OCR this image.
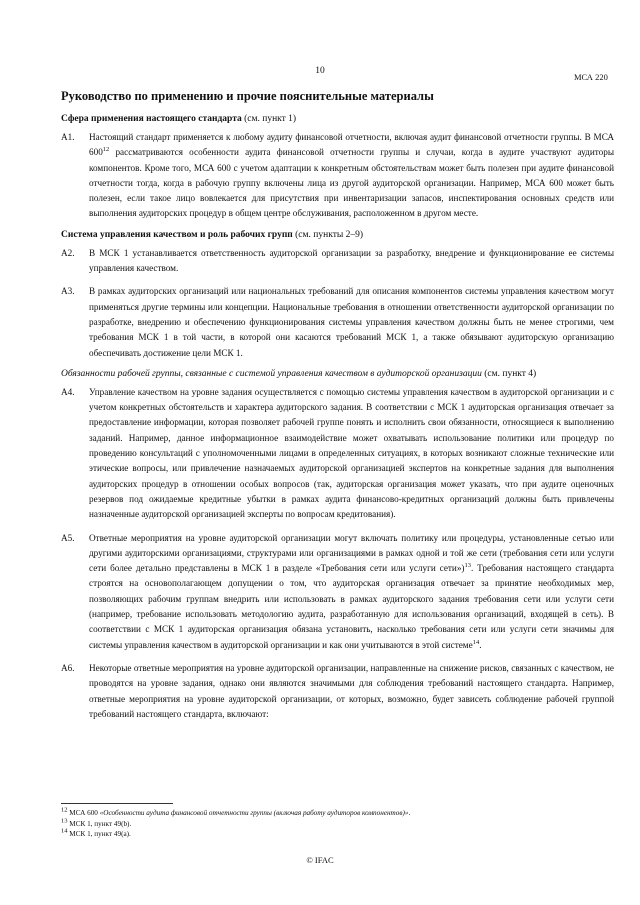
10
МСА 220
Руководство по применению и прочие пояснительные материалы
Сфера применения настоящего стандарта (см. пункт 1)
A1.	Настоящий стандарт применяется к любому аудиту финансовой отчетности, включая аудит финансовой отчетности группы. В МСА $600^{12}$ рассматриваются особенности аудита финансовой отчетности группы и случаи, когда в аудите участвуют аудиторы компонентов. Кроме того, МСА 600 с учетом адаптации к конкретным обстоятельствам может быть полезен при аудите финансовой отчетности тогда, когда в рабочую группу включены лица из другой аудиторской организации. Например, МСА 600 может быть полезен, если такое лицо вовлекается для присутствия при инвентаризации запасов, инспектирования основных средств или выполнения аудиторских процедур в общем центре обслуживания, расположенном в другом месте.
Система управления качеством и роль рабочих групп (см. пункты 2–9)
A2.	В МСК 1 устанавливается ответственность аудиторской организации за разработку, внедрение и функционирование ее системы управления качеством.
A3.	В рамках аудиторских организаций или национальных требований для описания компонентов системы управления качеством могут применяться другие термины или концепции. Национальные требования в отношении ответственности аудиторской организации по разработке, внедрению и обеспечению функционирования системы управления качеством должны быть не менее строгими, чем требования МСК 1 в той части, в которой они касаются требований МСК 1, а также обязывают аудиторскую организацию обеспечивать достижение цели МСК 1.
Обязанности рабочей группы, связанные с системой управления качеством в аудиторской организации (см. пункт 4)
A4.	Управление качеством на уровне задания осуществляется с помощью системы управления качеством в аудиторской организации и с учетом конкретных обстоятельств и характера аудиторского задания. В соответствии с МСК 1 аудиторская организация отвечает за предоставление информации, которая позволяет рабочей группе понять и исполнить свои обязанности, относящиеся к выполнению заданий. Например, данное информационное взаимодействие может охватывать использование политики или процедур по проведению консультаций с уполномоченными лицами в определенных ситуациях, в которых возникают сложные технические или этические вопросы, или привлечение назначаемых аудиторской организацией экспертов на конкретные задания для выполнения аудиторских процедур в отношении особых вопросов (так, аудиторская организация может указать, что при аудите оценочных резервов под ожидаемые кредитные убытки в рамках аудита финансово-кредитных организаций должны быть привлечены назначенные аудиторской организацией эксперты по вопросам кредитования).
A5.	Ответные мероприятия на уровне аудиторской организации могут включать политику или процедуры, установленные сетью или другими аудиторскими организациями, структурами или организациями в рамках одной и той же сети (требования сети или услуги сети более детально представлены в МСК 1 в разделе «Требования сети или услуги сети»)$^{13}$. Требования настоящего стандарта строятся на основополагающем допущении о том, что аудиторская организация отвечает за принятие необходимых мер, позволяющих рабочим группам внедрить или использовать в рамках аудиторского задания требования сети или услуги сети (например, требование использовать методологию аудита, разработанную для использования организаций, входящей в сеть). В соответствии с МСК 1 аудиторская организация обязана установить, насколько требования сети или услуги сети значимы для системы управления качеством в аудиторской организации и как они учитываются в этой системе$^{14}$.
A6.	Некоторые ответные мероприятия на уровне аудиторской организации, направленные на снижение рисков, связанных с качеством, не проводятся на уровне задания, однако они являются значимыми для соблюдения требований настоящего стандарта. Например, ответные мероприятия на уровне аудиторской организации, от которых, возможно, будет зависеть соблюдение рабочей группой требований настоящего стандарта, включают:
$^{12}$ МСА 600 «Особенности аудита финансовой отчетности группы (включая работу аудиторов компонентов)».
$^{13}$ МСК 1, пункт 49(b).
$^{14}$ МСК 1, пункт 49(a).
© IFAC
